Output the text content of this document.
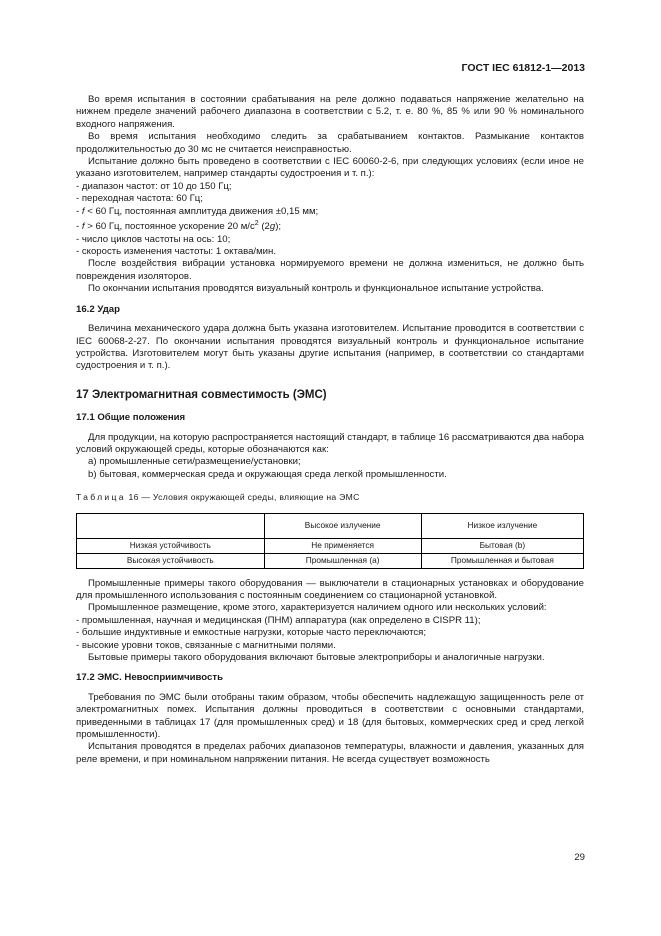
ГОСТ IEC 61812-1—2013

Во время испытания в состоянии срабатывания на реле должно подаваться напряжение желательно на нижнем пределе значений рабочего диапазона в соответствии с 5.2, т. е. 80 %, 85 % или 90 % номинального входного напряжения.

Во время испытания необходимо следить за срабатыванием контактов. Размыкание контактов продолжительностью до 30 мс не считается неисправностью.

Испытание должно быть проведено в соответствии с IEC 60060-2-6, при следующих условиях (если иное не указано изготовителем, например стандарты судостроения и т. п.):

- диапазон частот: от 10 до 150 Гц;

- переходная частота: 60 Гц;

- f < 60 Гц, постоянная амплитуда движения ±0,15 мм;

- f > 60 Гц, постоянное ускорение 20 $м/с^2$ (2g);

- число циклов частоты на ось: 10;

- скорость изменения частоты: 1 октава/мин.

После воздействия вибрации установка нормируемого времени не должна измениться, не должно быть повреждения изоляторов.

По окончании испытания проводятся визуальный контроль и функциональное испытание устройства.

16.2 Удар

Величина механического удара должна быть указана изготовителем. Испытание проводится в соответствии с IEC 60068-2-27. По окончании испытания проводятся визуальный контроль и функциональное испытание устройства. Изготовителем могут быть указаны другие испытания (например, в соответствии со стандартами судостроения и т. п.).

17 Электромагнитная совместимость (ЭМС)
17.1 Общие положения

Для продукции, на которую распространяется настоящий стандарт, в таблице 16 рассматриваются два набора условий окружающей среды, которые обозначаются как:

a) промышленные сети/размещение/установки;

b) бытовая, коммерческая среда и окружающая среда легкой промышленности.

Таблица 16 — Условия окружающей среды, влияющие на ЭМС
	Высокое излучение	Низкое излучение
Низкая устойчивость	Не применяется	Бытовая (b)
Высокая устойчивость	Промышленная (a)	Промышленная и бытовая

Промышленные примеры такого оборудования — выключатели в стационарных установках и оборудование для промышленного использования с постоянным соединением со стационарной установкой.

Промышленное размещение, кроме этого, характеризуется наличием одного или нескольких условий:

- промышленная, научная и медицинская (ПНМ) аппаратура (как определено в CISPR 11);

- большие индуктивные и емкостные нагрузки, которые часто переключаются;

- высокие уровни токов, связанные с магнитными полями.

Бытовые примеры такого оборудования включают бытовые электроприборы и аналогичные нагрузки.

17.2 ЭМС. Невосприимчивость

Требования по ЭМС были отобраны таким образом, чтобы обеспечить надлежащую защищенность реле от электромагнитных помех. Испытания должны проводиться в соответствии с основными стандартами, приведенными в таблицах 17 (для промышленных сред) и 18 (для бытовых, коммерческих сред и сред легкой промышленности).

Испытания проводятся в пределах рабочих диапазонов температуры, влажности и давления, указанных для реле времени, и при номинальном напряжении питания. Не всегда существует возможность

29
